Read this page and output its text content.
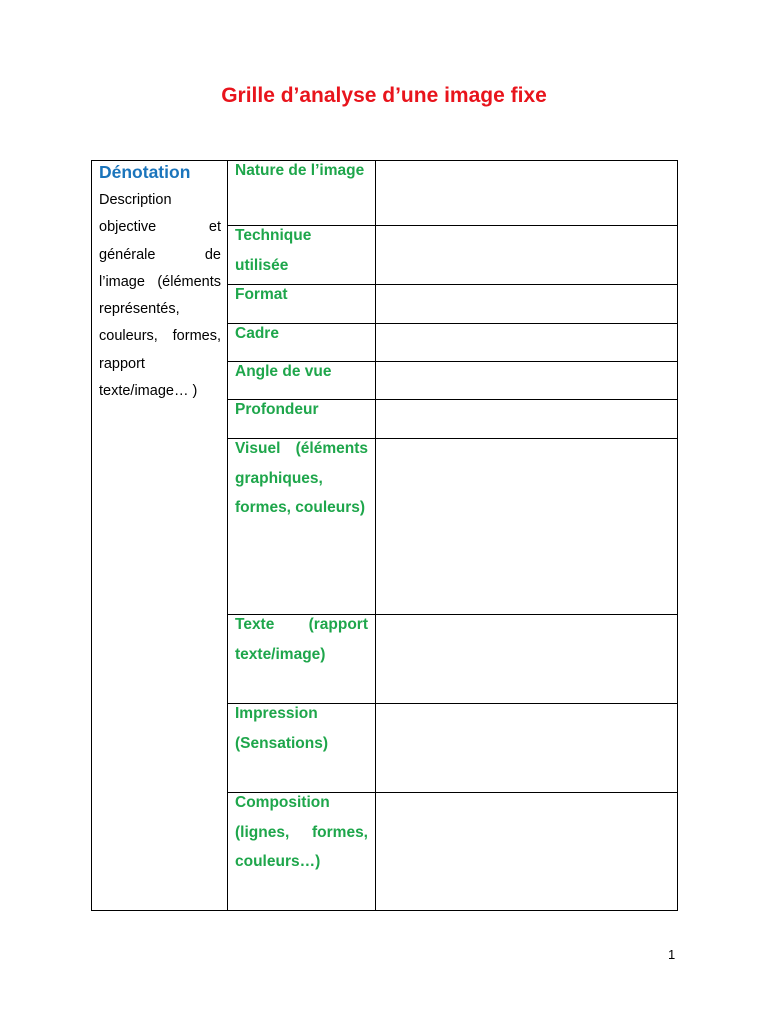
Grille d’analyse d’une image fixe
Dénotation
Description objective et générale de l’image (éléments représentés, couleurs, formes, rapport texte/image… )	Nature de l’image	

	Technique utilisée	

	Format	

	Cadre	

	Angle de vue	

	Profondeur	

	Visuel (éléments graphiques, formes, couleurs)	

	Texte (rapport texte/image)	

	Impression (Sensations)	

	Composition (lignes, formes, couleurs…)	

1
